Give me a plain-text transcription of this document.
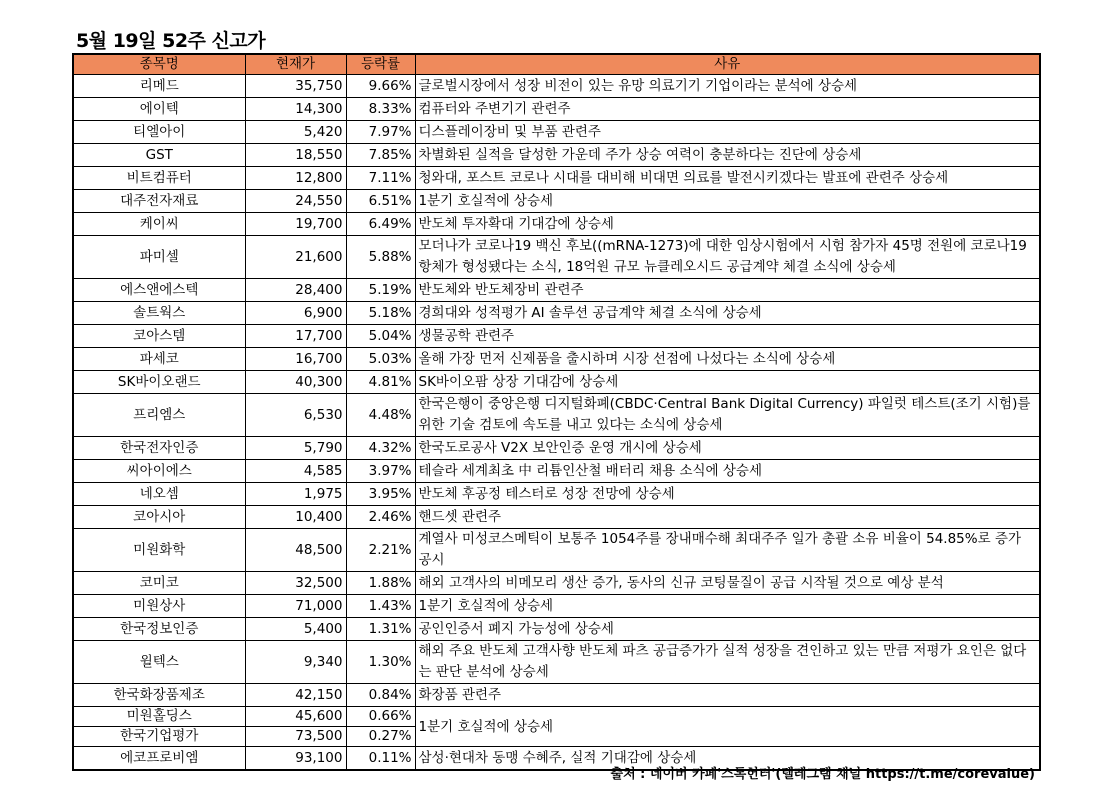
5월 19일 52주 신고가
종목명	현재가	등락률	사유
리메드	35,750	9.66%	글로벌시장에서 성장 비전이 있는 유망 의료기기 기업이라는 분석에 상승세
에이텍	14,300	8.33%	컴퓨터와 주변기기 관련주
티엘아이	5,420	7.97%	디스플레이장비 및 부품 관련주
GST	18,550	7.85%	차별화된 실적을 달성한 가운데 주가 상승 여력이 충분하다는 진단에 상승세
비트컴퓨터	12,800	7.11%	청와대, 포스트 코로나 시대를 대비해 비대면 의료를 발전시키겠다는 발표에 관련주 상승세
대주전자재료	24,550	6.51%	1분기 호실적에 상승세
케이씨	19,700	6.49%	반도체 투자확대 기대감에 상승세
파미셀	21,600	5.88%	모더나가 코로나19 백신 후보((mRNA-1273)에 대한 임상시험에서 시험 참가자 45명 전원에 코로나19 항체가 형성됐다는 소식, 18억원 규모 뉴클레오시드 공급계약 체결 소식에 상승세
에스앤에스텍	28,400	5.19%	반도체와 반도체장비 관련주
솔트웍스	6,900	5.18%	경희대와 성적평가 AI 솔루션 공급계약 체결 소식에 상승세
코아스템	17,700	5.04%	생물공학 관련주
파세코	16,700	5.03%	올해 가장 먼저 신제품을 출시하며 시장 선점에 나섰다는 소식에 상승세
SK바이오랜드	40,300	4.81%	SK바이오팜 상장 기대감에 상승세
프리엠스	6,530	4.48%	한국은행이 중앙은행 디지털화폐(CBDC·Central Bank Digital Currency) 파일럿 테스트(조기 시험)를 위한 기술 검토에 속도를 내고 있다는 소식에 상승세
한국전자인증	5,790	4.32%	한국도로공사 V2X 보안인증 운영 개시에 상승세
씨아이에스	4,585	3.97%	테슬라 세계최초 中 리튬인산철 배터리 채용 소식에 상승세
네오셈	1,975	3.95%	반도체 후공정 테스터로 성장 전망에 상승세
코아시아	10,400	2.46%	핸드셋 관련주
미원화학	48,500	2.21%	계열사 미성코스메틱이 보통주 1054주를 장내매수해 최대주주 일가 총괄 소유 비율이 54.85%로 증가 공시
코미코	32,500	1.88%	해외 고객사의 비메모리 생산 증가, 동사의 신규 코팅물질이 공급 시작될 것으로 예상 분석
미원상사	71,000	1.43%	1분기 호실적에 상승세
한국정보인증	5,400	1.31%	공인인증서 폐지 가능성에 상승세
윌텍스	9,340	1.30%	해외 주요 반도체 고객사향 반도체 파츠 공급증가가 실적 성장을 견인하고 있는 만큼 저평가 요인은 없다는 판단 분석에 상승세
한국화장품제조	42,150	0.84%	화장품 관련주
미원홀딩스	45,600	0.66%	1분기 호실적에 상승세
한국기업평가	73,500	0.27%	
에코프로비엠	93,100	0.11%	삼성·현대차 동맹 수혜주, 실적 기대감에 상승세
출처 : 네이버 카페'스톡헌터'(텔레그램 채널 https://t.me/corevalue)
